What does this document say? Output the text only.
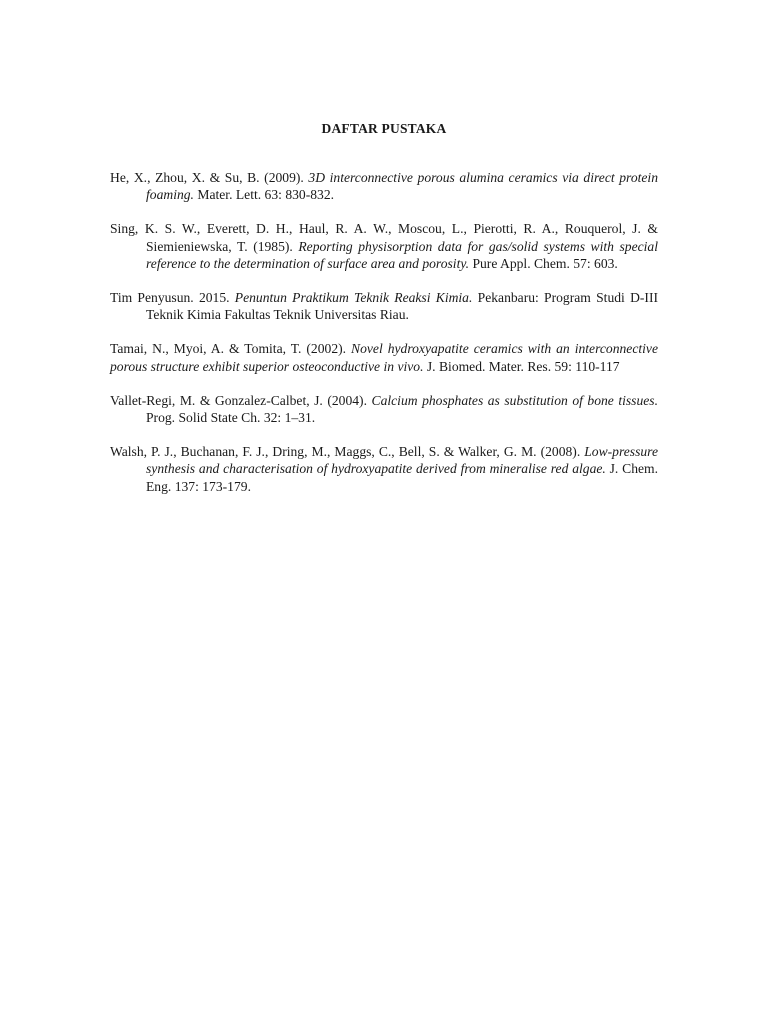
DAFTAR PUSTAKA

He, X., Zhou, X. & Su, B. (2009). 3D interconnective porous alumina ceramics via direct protein foaming. Mater. Lett. 63: 830-832.

Sing, K. S. W., Everett, D. H., Haul, R. A. W., Moscou, L., Pierotti, R. A., Rouquerol, J. & Siemieniewska, T. (1985). Reporting physisorption data for gas/solid systems with special reference to the determination of surface area and porosity. Pure Appl. Chem. 57: 603.

Tim Penyusun. 2015. Penuntun Praktikum Teknik Reaksi Kimia. Pekanbaru: Program Studi D-III Teknik Kimia Fakultas Teknik Universitas Riau.

Tamai, N., Myoi, A. & Tomita, T. (2002). Novel hydroxyapatite ceramics with an interconnective porous structure exhibit superior osteoconductive in vivo. J. Biomed. Mater. Res. 59: 110-117

Vallet-Regi, M. & Gonzalez-Calbet, J. (2004). Calcium phosphates as substitution of bone tissues. Prog. Solid State Ch. 32: 1–31.

Walsh, P. J., Buchanan, F. J., Dring, M., Maggs, C., Bell, S. & Walker, G. M. (2008). Low-pressure synthesis and characterisation of hydroxyapatite derived from mineralise red algae. J. Chem. Eng. 137: 173-179.
